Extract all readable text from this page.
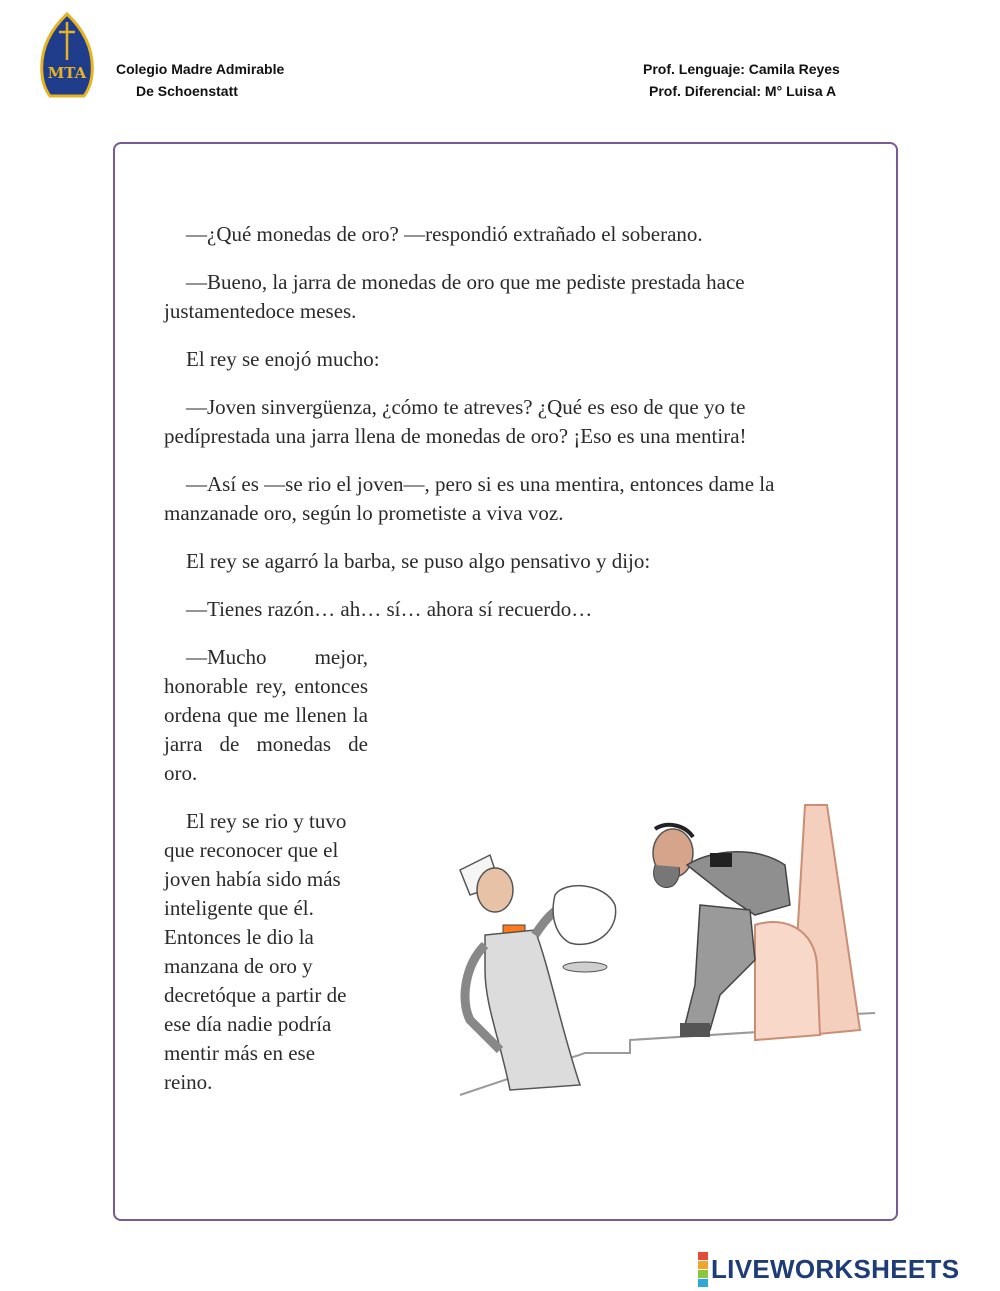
MTA Colegio Madre Admirable
De Schoenstatt
Prof. Lenguaje: Camila Reyes
Prof. Diferencial: M° Luisa A

—¿Qué monedas de oro? —respondió extrañado el soberano.

—Bueno, la jarra de monedas de oro que me pediste prestada hace justamentedoce meses.

El rey se enojó mucho:

—Joven sinvergüenza, ¿cómo te atreves? ¿Qué es eso de que yo te pedíprestada una jarra llena de monedas de oro? ¡Eso es una mentira!

—Así es —se rio el joven—, pero si es una mentira, entonces dame la manzanade oro, según lo prometiste a viva voz.

El rey se agarró la barba, se puso algo pensativo y dijo:

—Tienes razón… ah… sí… ahora sí recuerdo…

—Mucho mejor, honorable rey, entonces ordena que me llenen la jarra de monedas de oro.

El rey se rio y tuvo que reconocer que el joven había sido más inteligente que él. Entonces le dio la manzana de oro y decretóque a partir de ese día nadie podría mentir más en ese reino.

LIVEWORKSHEETS
